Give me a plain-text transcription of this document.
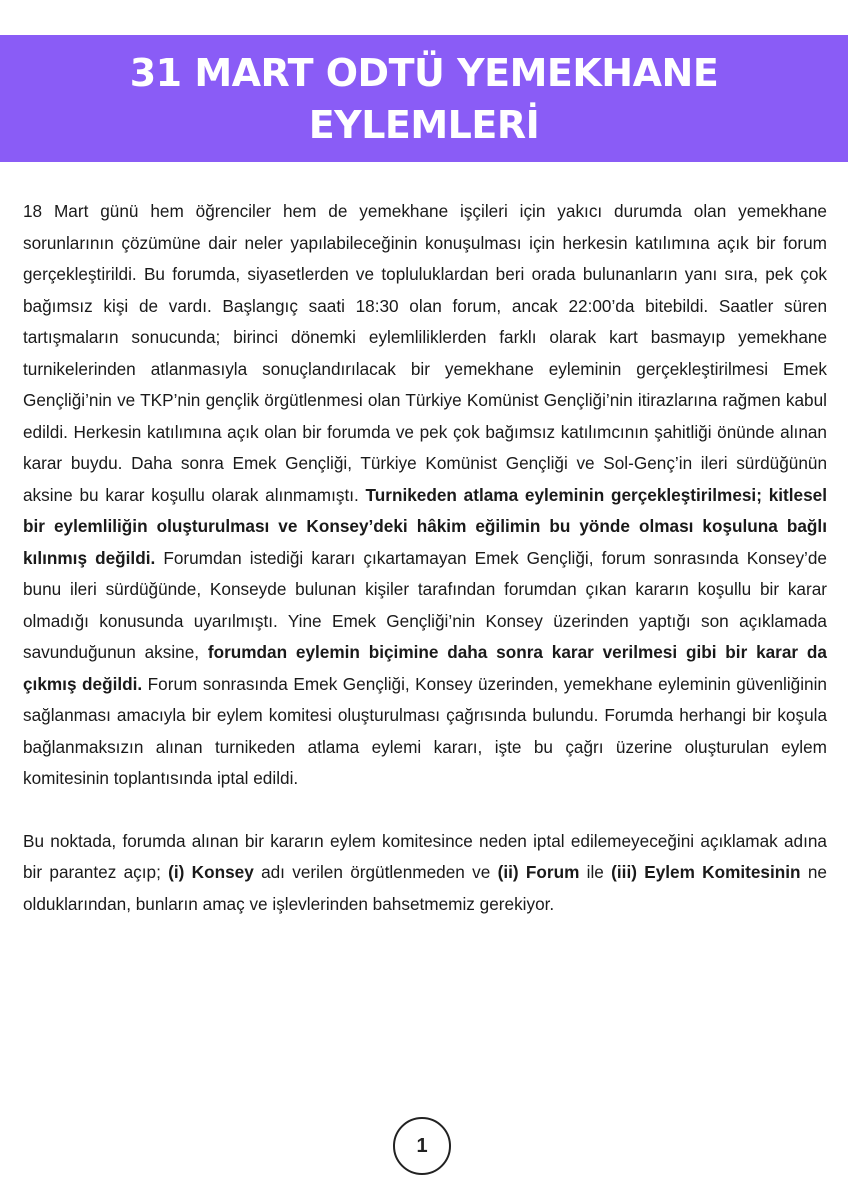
31 MART ODTÜ YEMEKHANE
EYLEMLERİ

18 Mart günü hem öğrenciler hem de yemekhane işçileri için yakıcı durumda olan yemekhane sorunlarının çözümüne dair neler yapılabileceğinin konuşulması için herkesin katılımına açık bir forum gerçekleştirildi. Bu forumda, siyasetlerden ve topluluklardan beri orada bulunanların yanı sıra, pek çok bağımsız kişi de vardı. Başlangıç saati 18:30 olan forum, ancak 22:00’da bitebildi. Saatler süren tartışmaların sonucunda; birinci dönemki eylemliliklerden farklı olarak kart basmayıp yemekhane turnikelerinden atlanmasıyla sonuçlandırılacak bir yemekhane eyleminin gerçekleştirilmesi Emek Gençliği’nin ve TKP’nin gençlik örgütlenmesi olan Türkiye Komünist Gençliği’nin itirazlarına rağmen kabul edildi. Herkesin katılımına açık olan bir forumda ve pek çok bağımsız katılımcının şahitliği önünde alınan karar buydu. Daha sonra Emek Gençliği, Türkiye Komünist Gençliği ve Sol-Genç’in ileri sürdüğünün aksine bu karar koşullu olarak alınmamıştı. Turnikeden atlama eyleminin gerçekleştirilmesi; kitlesel bir eylemliliğin oluşturulması ve Konsey’deki hâkim eğilimin bu yönde olması koşuluna bağlı kılınmış değildi. Forumdan istediği kararı çıkartamayan Emek Gençliği, forum sonrasında Konsey’de bunu ileri sürdüğünde, Konseyde bulunan kişiler tarafından forumdan çıkan kararın koşullu bir karar olmadığı konusunda uyarılmıştı. Yine Emek Gençliği’nin Konsey üzerinden yaptığı son açıklamada savunduğunun aksine, forumdan eylemin biçimine daha sonra karar verilmesi gibi bir karar da çıkmış değildi. Forum sonrasında Emek Gençliği, Konsey üzerinden, yemekhane eyleminin güvenliğinin sağlanması amacıyla bir eylem komitesi oluşturulması çağrısında bulundu. Forumda herhangi bir koşula bağlanmaksızın alınan turnikeden atlama eylemi kararı, işte bu çağrı üzerine oluşturulan eylem komitesinin toplantısında iptal edildi.

Bu noktada, forumda alınan bir kararın eylem komitesince neden iptal edilemeyeceğini açıklamak adına bir parantez açıp; (i) Konsey adı verilen örgütlenmeden ve (ii) Forum ile (iii) Eylem Komitesinin ne olduklarından, bunların amaç ve işlevlerinden bahsetmemiz gerekiyor.

1
